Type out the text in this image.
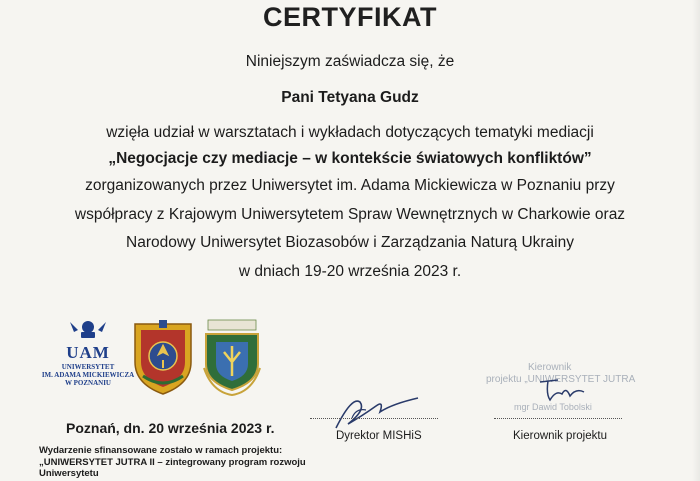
CERTYFIKAT
Niniejszym zaświadcza się, że
Pani Tetyana Gudz
wzięła udział w warsztatach i wykładach dotyczących tematyki mediacji
„Negocjacje czy mediacje – w kontekście światowych konfliktów”
zorganizowanych przez Uniwersytet im. Adama Mickiewicza w Poznaniu przy
współpracy z Krajowym Uniwersytetem Spraw Wewnętrznych w Charkowie oraz
Narodowy Uniwersytet Biozasobów i Zarządzania Naturą Ukrainy
w dniach 19-20 września 2023 r.
UAM
UNIWERSYTET
IM. ADAMA MICKIEWICZA
W POZNANIU
Kierownik
projektu „UNIWERSYTET JUTRA
mgr Dawid Tobolski
Dyrektor MISHiS	Kierownik projektu
Poznań, dn. 20 września 2023 r.
Wydarzenie sfinansowane zostało w ramach projektu:
„UNIWERSYTET JUTRA II – zintegrowany program rozwoju
Uniwersytetu
